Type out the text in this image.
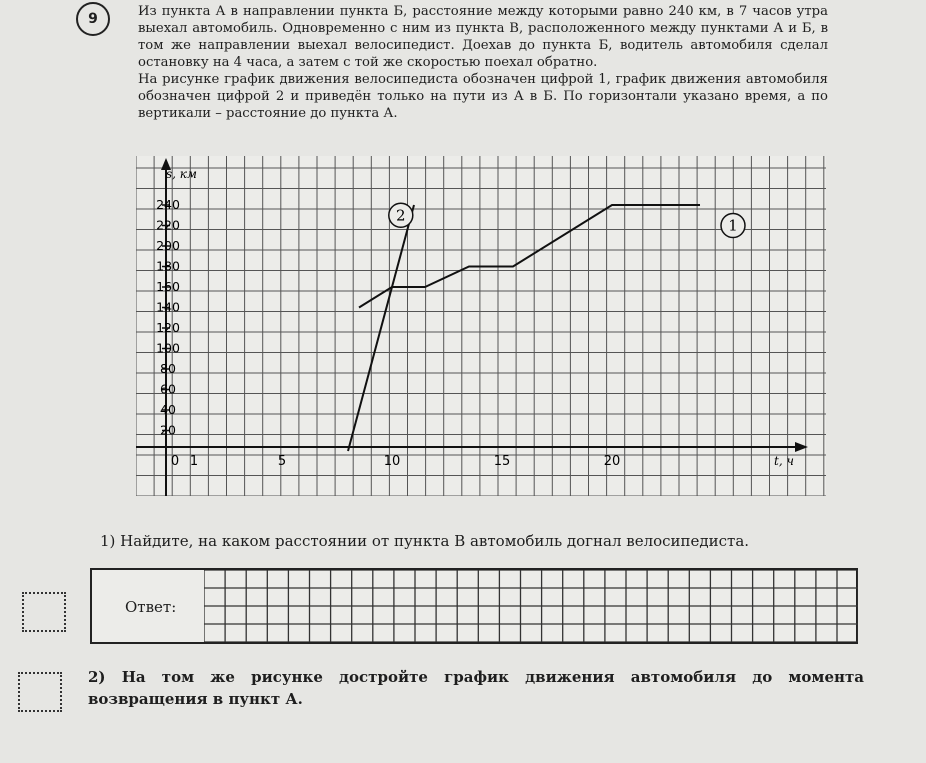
9	Из пункта А в направлении пункта Б, расстояние между которыми равно 240 км, в 7 часов утра выехал автомобиль. Одновременно с ним из пункта В, расположенного между пунктами А и Б, в том же направлении выехал велосипедист. Доехав до пункта Б, водитель автомобиля сделал остановку на 4 часа, а затем с той же скоростью поехал обратно.

На рисунке график движения велосипедиста обозначен цифрой 1, график движения автомобиля обозначен цифрой 2 и приведён только на пути из А в Б. По горизонтали указано время, а по вертикали – расстояние до пункта А.

s, км
t, ч
240
220
200
180
160
140
120
100
80
60
40
20
0 1	5	10	15	20
1
2
1) Найдите, на каком расстоянии от пункта В автомобиль догнал велосипедиста.
Ответ:
2) На том же рисунке достройте график движения автомобиля до момента возвращения в пункт А.
